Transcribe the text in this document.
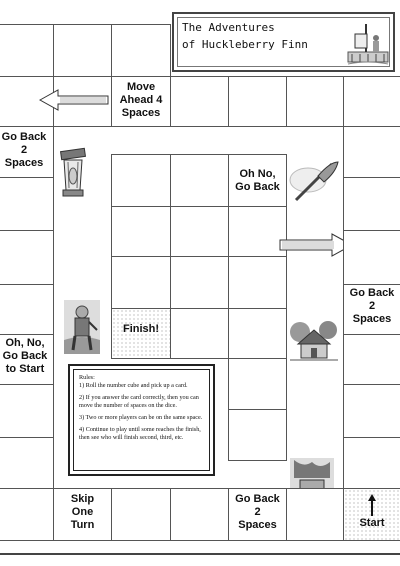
The Adventures
of Huckleberry Finn
Move
Ahead 4
Spaces
Go Back
2
Spaces
Oh, No,
Go Back
to Start
Finish!
Oh No,
Go Back
Go Back
2
Spaces

Rules:

1) Roll the number cube and pick up a card.

2) If you answer the card correctly, then you can move the number of spaces on the dice.

3) Two or more players can be on the same space.

4) Continue to play until some reaches the finish, then see who will finish second, third, etc.

Skip
One
Turn
Go Back
2
Spaces	Start
